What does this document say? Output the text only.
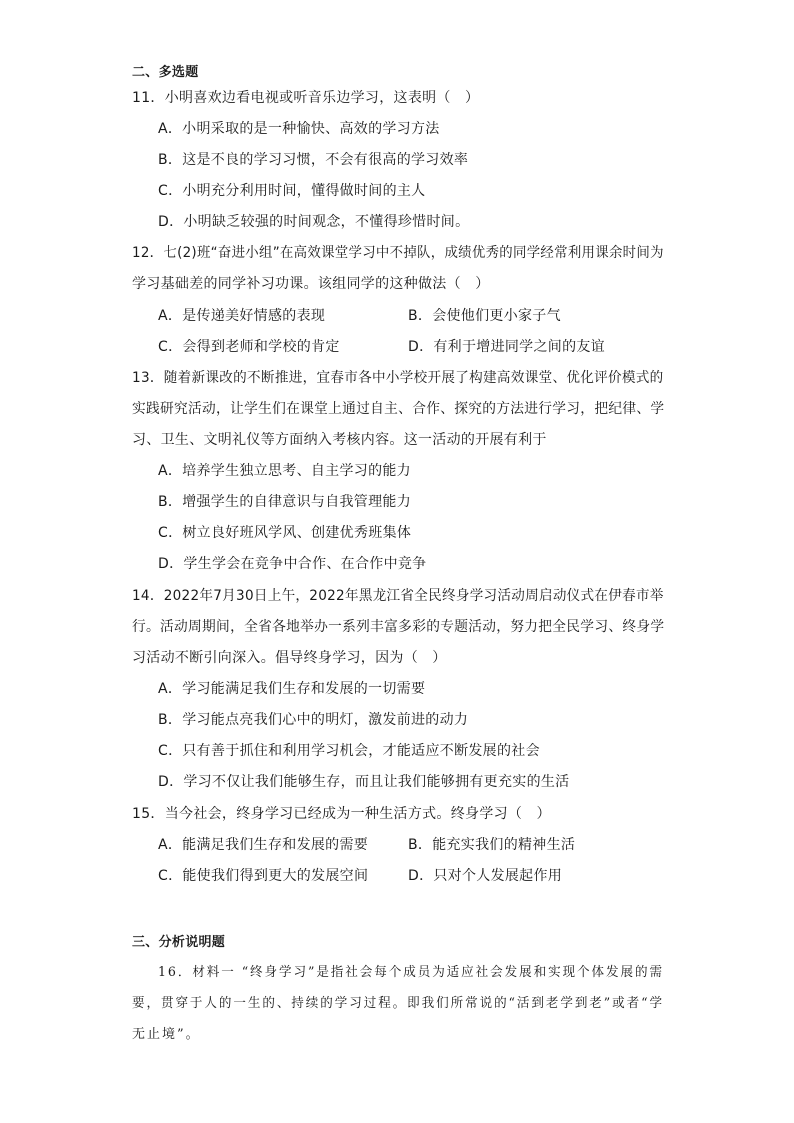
二、多选题
11．小明喜欢边看电视或听音乐边学习，这表明（　）
A．小明采取的是一种愉快、高效的学习方法
B．这是不良的学习习惯，不会有很高的学习效率
C．小明充分利用时间，懂得做时间的主人
D．小明缺乏较强的时间观念，不懂得珍惜时间。
12．七(2)班“奋进小组”在高效课堂学习中不掉队，成绩优秀的同学经常利用课余时间为
学习基础差的同学补习功课。该组同学的这种做法（　）
A．是传递美好情感的表现	B．会使他们更小家子气
C．会得到老师和学校的肯定	D．有利于增进同学之间的友谊
13．随着新课改的不断推进，宜春市各中小学校开展了构建高效课堂、优化评价模式的
实践研究活动，让学生们在课堂上通过自主、合作、探究的方法进行学习，把纪律、学
习、卫生、文明礼仪等方面纳入考核内容。这一活动的开展有利于
A．培养学生独立思考、自主学习的能力
B．增强学生的自律意识与自我管理能力
C．树立良好班风学风、创建优秀班集体
D．学生学会在竞争中合作、在合作中竞争
14．2022年7月30日上午，2022年黑龙江省全民终身学习活动周启动仪式在伊春市举
行。活动周期间，全省各地举办一系列丰富多彩的专题活动，努力把全民学习、终身学
习活动不断引向深入。倡导终身学习，因为（　）
A．学习能满足我们生存和发展的一切需要
B．学习能点亮我们心中的明灯，激发前进的动力
C．只有善于抓住和利用学习机会，才能适应不断发展的社会
D．学习不仅让我们能够生存，而且让我们能够拥有更充实的生活
15．当今社会，终身学习已经成为一种生活方式。终身学习（　）
A．能满足我们生存和发展的需要	B．能充实我们的精神生活
C．能使我们得到更大的发展空间	D．只对个人发展起作用
三、分析说明题
16．材料一 “终身学习”是指社会每个成员为适应社会发展和实现个体发展的需
要，贯穿于人的一生的、持续的学习过程。即我们所常说的“活到老学到老”或者“学
无止境”。
